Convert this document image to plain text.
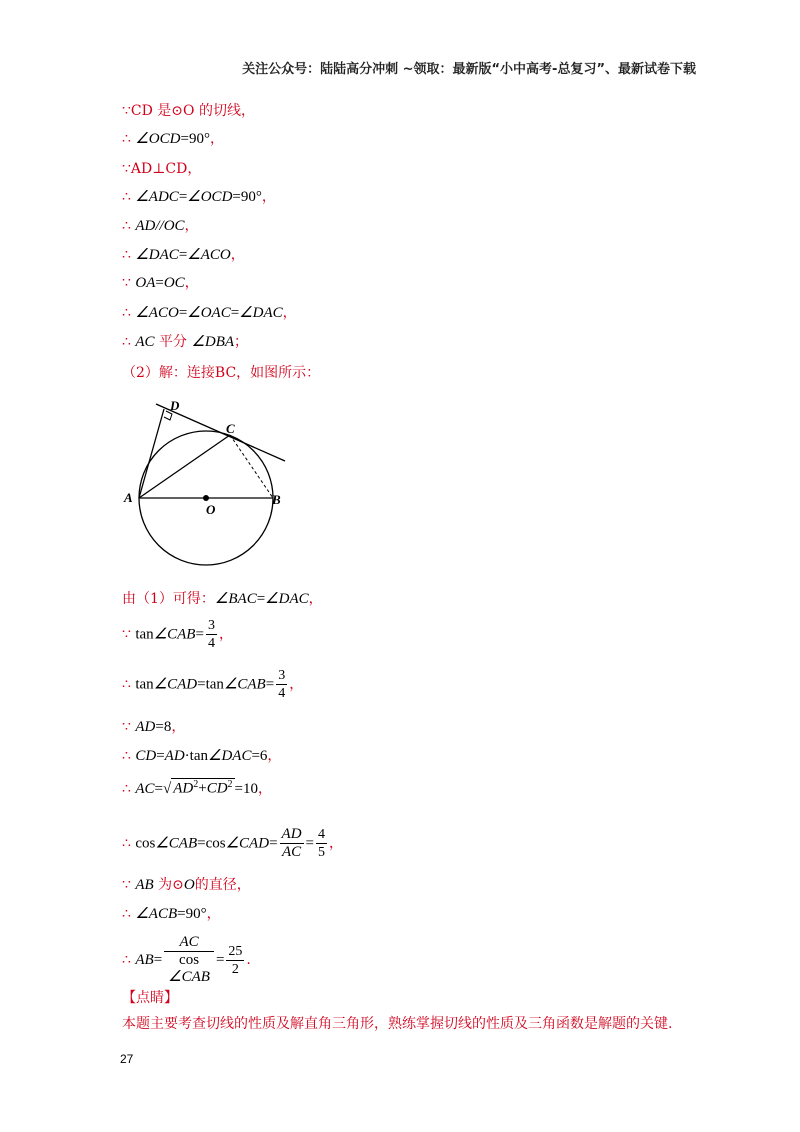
关注公众号：陆陆高分冲刺 ~领取：最新版“小中高考-总复习”、最新试卷下载
∵CD 是⊙O 的切线，
∴ ∠OCD=90°，
∵AD⊥CD，
∴ ∠ADC=∠OCD=90°，
∴ AD//OC，
∴ ∠DAC=∠ACO，
∵ OA=OC，
∴ ∠ACO=∠OAC=∠DAC，
∴ AC 平分 ∠DBA；
（2）解：连接BC，如图所示：
A	B
C
D
O
由（1）可得：∠BAC=∠DAC，
∵ tan∠CAB= $\frac{3}{4}$ ，
∴ tan∠CAD=tan∠CAB= $\frac{3}{4}$ ，
∵ AD=8，
∴ CD=AD·tan∠DAC=6，
∴ AC=√ $AD^2+CD^2 =10$，
∴ cos∠CAB=cos∠CAD= $\frac{AD}{AC} = \frac{4}{5}$ ，
∵ AB 为⊙O的直径，
∴ ∠ACB=90°，
∴ AB= AC
cos
∠CAB = $\frac{25}{2}$ .
【点睛】
本题主要考查切线的性质及解直角三角形，熟练掌握切线的性质及三角函数是解题的关键.
27
